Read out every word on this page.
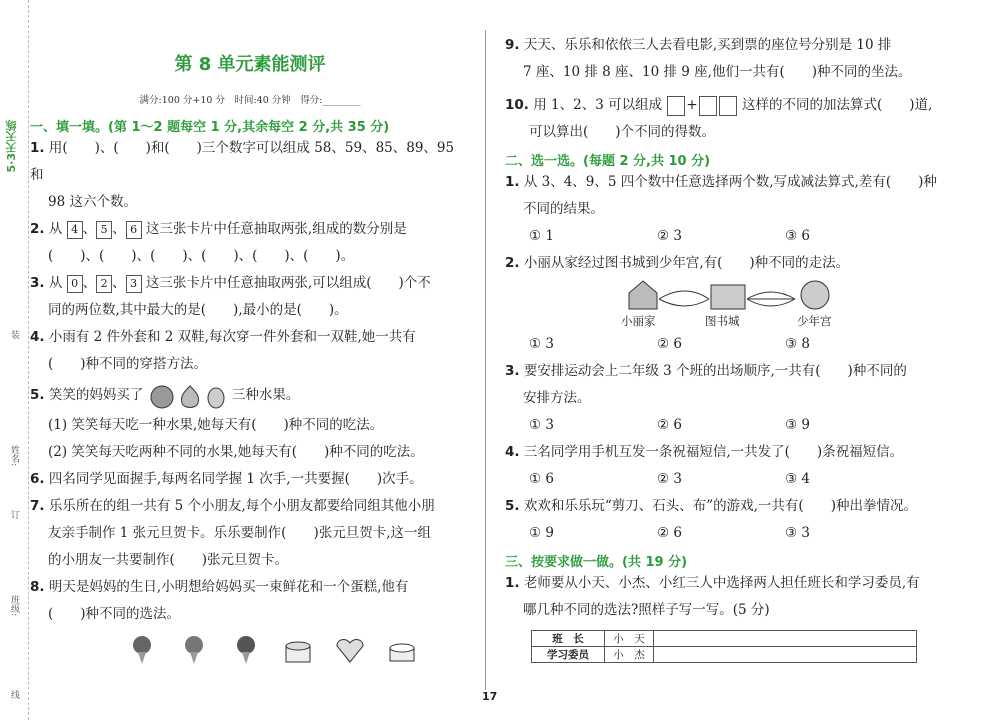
5·3天天练
装
姓名:
订
班级:
线
第 8 单元素能测评
满分:100 分+10 分　时间:40 分钟　得分:________
一、填一填。(第 1～2 题每空 1 分,其余每空 2 分,共 35 分)
1. 用(　　)、(　　)和(　　)三个数字可以组成 58、59、85、89、95 和
98 这六个数。
2. 从 4 、 5 、 6 这三张卡片中任意抽取两张,组成的数分别是
(　　)、(　　)、(　　)、(　　)、(　　)、(　　)。
3. 从 0 、 2 、 3 这三张卡片中任意抽取两张,可以组成(　　)个不
同的两位数,其中最大的是(　　),最小的是(　　)。
4. 小雨有 2 件外套和 2 双鞋,每次穿一件外套和一双鞋,她一共有
(　　)种不同的穿搭方法。
5. 笑笑的妈妈买了	三种水果。
(1) 笑笑每天吃一种水果,她每天有(　　)种不同的吃法。
(2) 笑笑每天吃两种不同的水果,她每天有(　　)种不同的吃法。
6. 四名同学见面握手,每两名同学握 1 次手,一共要握(　　)次手。
7. 乐乐所在的组一共有 5 个小朋友,每个小朋友都要给同组其他小朋
友亲手制作 1 张元旦贺卡。乐乐要制作(　　)张元旦贺卡,这一组
的小朋友一共要制作(　　)张元旦贺卡。
8. 明天是妈妈的生日,小明想给妈妈买一束鲜花和一个蛋糕,他有
(　　)种不同的选法。
9. 天天、乐乐和依依三人去看电影,买到票的座位号分别是 10 排
7 座、10 排 8 座、10 排 9 座,他们一共有(　　)种不同的坐法。
10. 用 1、2、3 可以组成 +	这样的不同的加法算式(　　)道,
可以算出(　　)个不同的得数。
二、选一选。(每题 2 分,共 10 分)
1. 从 3、4、9、5 四个数中任意选择两个数,写成减法算式,差有(　　)种
不同的结果。
① 1	② 3	③ 6
2. 小丽从家经过图书城到少年宫,有(　　)种不同的走法。
小丽家	图书城	少年宫
① 3	② 6	③ 8
3. 要安排运动会上二年级 3 个班的出场顺序,一共有(　　)种不同的
安排方法。
① 3	② 6	③ 9
4. 三名同学用手机互发一条祝福短信,一共发了(　　)条祝福短信。
① 6	② 3	③ 4
5. 欢欢和乐乐玩“剪刀、石头、布”的游戏,一共有(　　)种出拳情况。
① 9	② 6	③ 3
三、按要求做一做。(共 19 分)
1. 老师要从小天、小杰、小红三人中选择两人担任班长和学习委员,有
哪几种不同的选法?照样子写一写。(5 分)
班　长	小　天	
学习委员	小　杰	
17
